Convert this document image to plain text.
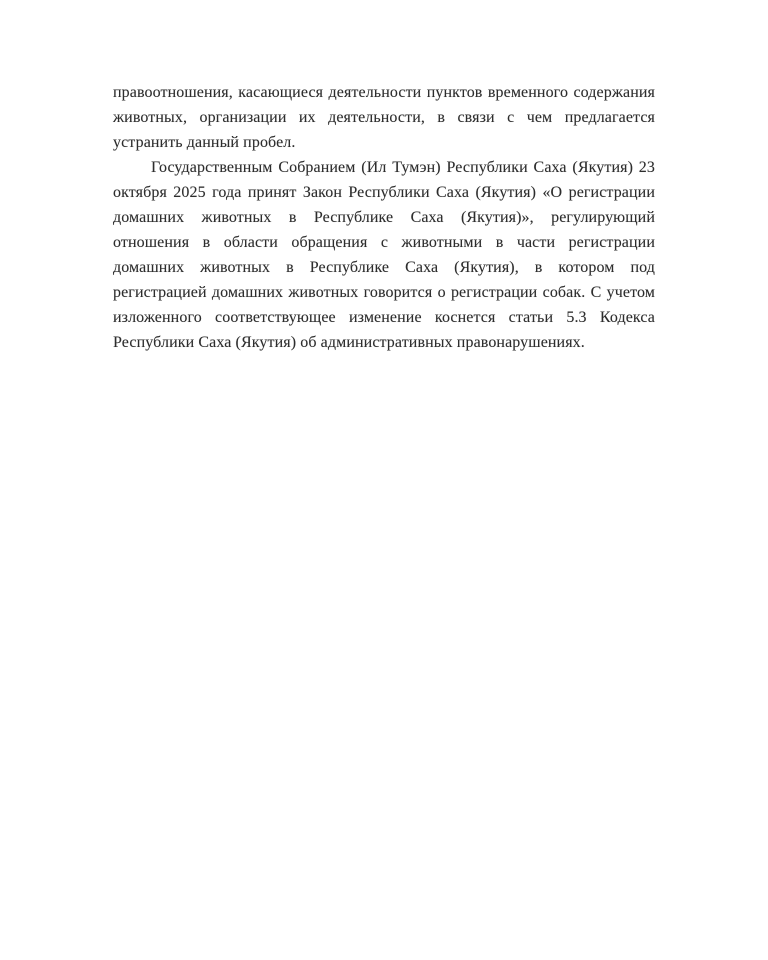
правоотношения, касающиеся деятельности пунктов временного содержания животных, организации их деятельности, в связи с чем предлагается устранить данный пробел.

Государственным Собранием (Ил Тумэн) Республики Саха (Якутия) 23 октября 2025 года принят Закон Республики Саха (Якутия) «О регистрации домашних животных в Республике Саха (Якутия)», регулирующий отношения в области обращения с животными в части регистрации домашних животных в Республике Саха (Якутия), в котором под регистрацией домашних животных говорится о регистрации собак. С учетом изложенного соответствующее изменение коснется статьи 5.3 Кодекса Республики Саха (Якутия) об административных правонарушениях.
